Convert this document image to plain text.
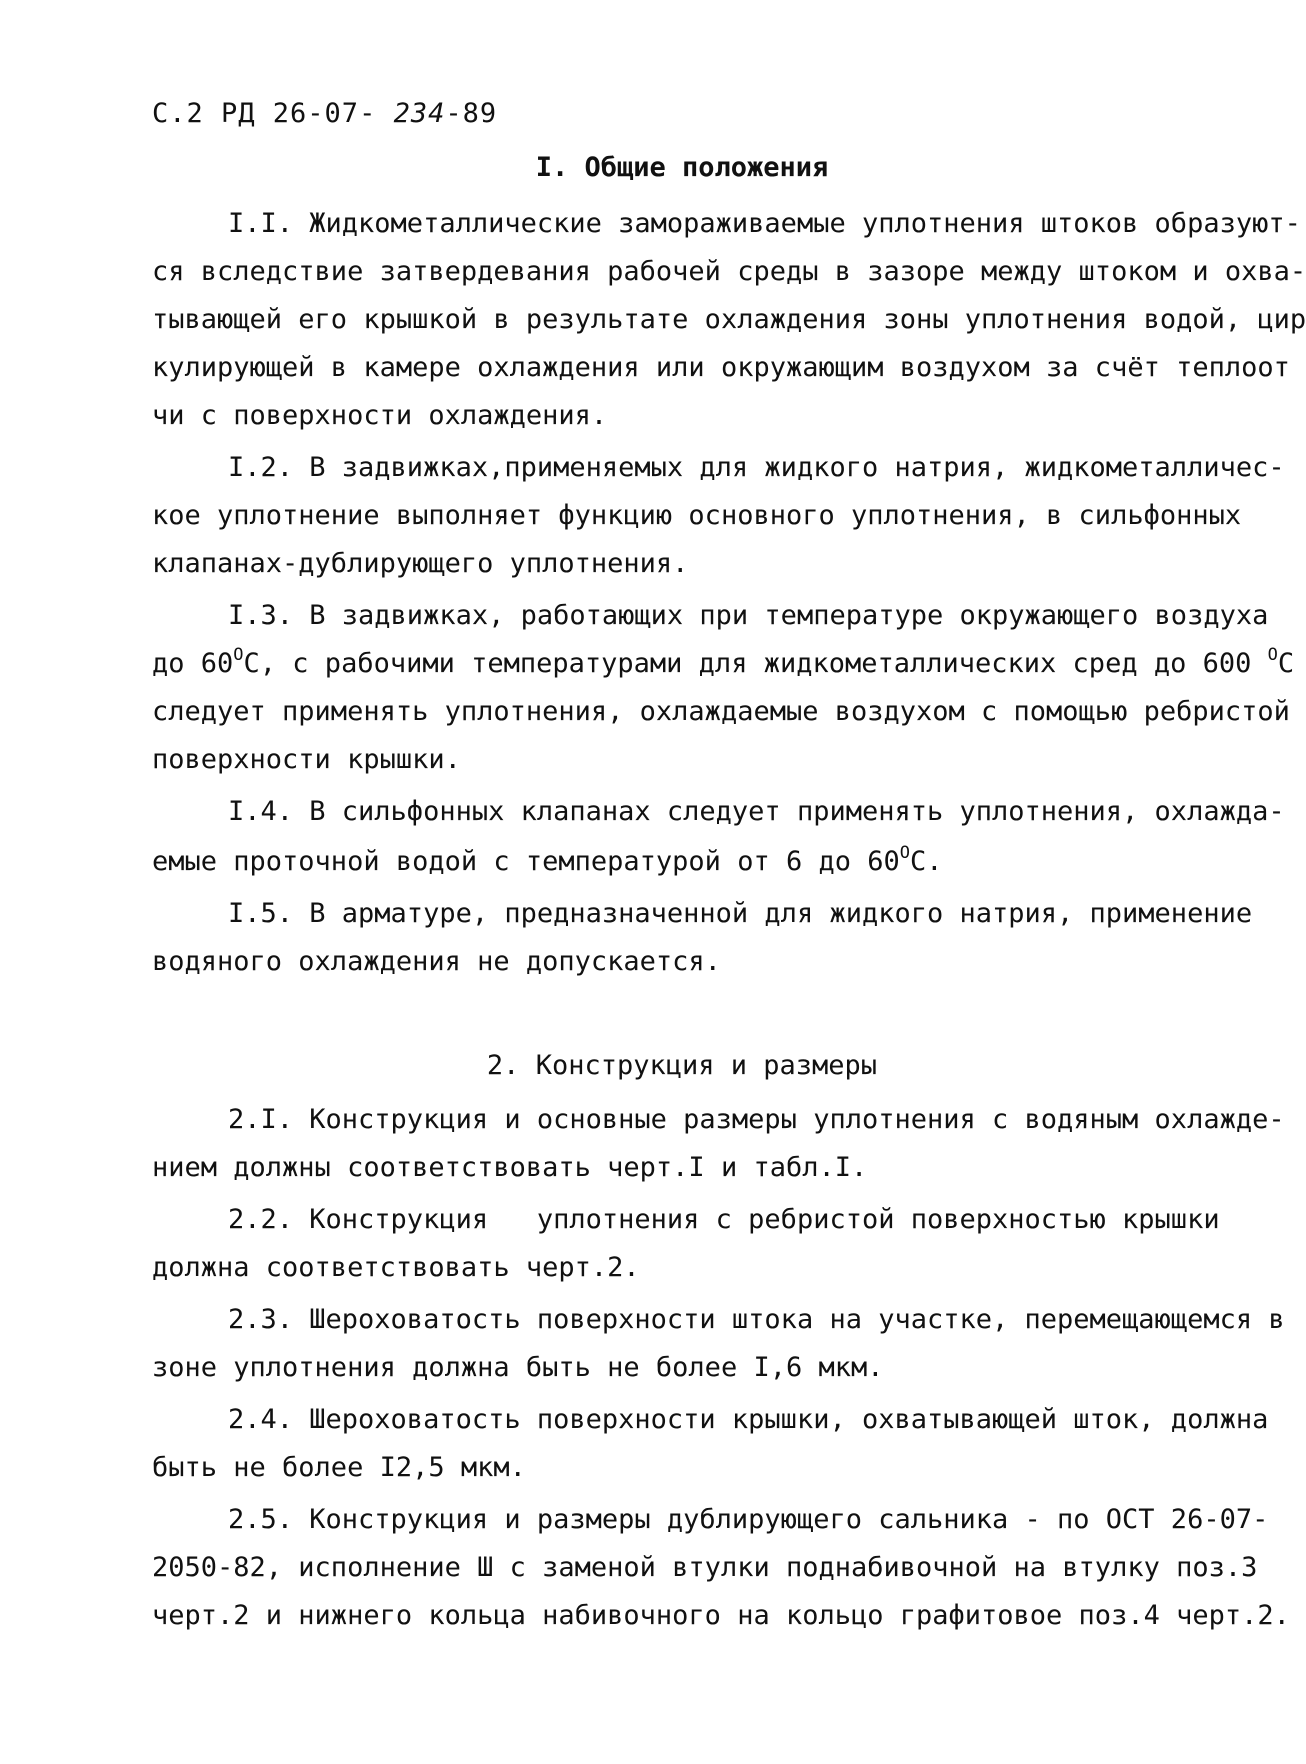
С.2 РД 26-07- 234-89
I. Общие положения
I.I. Жидкометаллические замораживаемые уплотнения штоков образуют-
ся вследствие затвердевания рабочей среды в зазоре между штоком и охва-
тывающей его крышкой в результате охлаждения зоны уплотнения водой, цир
кулирующей в камере охлаждения или окружающим воздухом за счёт теплоот
чи с поверхности охлаждения.
I.2. В задвижках,применяемых для жидкого натрия, жидкометалличес-
кое уплотнение выполняет функцию основного уплотнения, в сильфонных
клапанах-дублирующего уплотнения.
I.3. В задвижках, работающих при температуре окружающего воздуха
до $60^OC$, с рабочими температурами для жидкометаллических сред до 600 $^O$C
следует применять уплотнения, охлаждаемые воздухом с помощью ребристой
поверхности крышки.
I.4. В сильфонных клапанах следует применять уплотнения, охлажда-
емые проточной водой с температурой от 6 до $60^OC$.
I.5. В арматуре, предназначенной для жидкого натрия, применение
водяного охлаждения не допускается.
2. Конструкция и размеры
2.I. Конструкция и основные размеры уплотнения с водяным охлажде-
нием должны соответствовать черт.I и табл.I.
2.2. Конструкция   уплотнения с ребристой поверхностью крышки
должна соответствовать черт.2.
2.3. Шероховатость поверхности штока на участке, перемещающемся в
зоне уплотнения должна быть не более I,6 мкм.
2.4. Шероховатость поверхности крышки, охватывающей шток, должна
быть не более I2,5 мкм.
2.5. Конструкция и размеры дублирующего сальника - по ОСТ 26-07-
2050-82, исполнение Ш с заменой втулки поднабивочной на втулку поз.3
черт.2 и нижнего кольца набивочного на кольцо графитовое поз.4 черт.2.
